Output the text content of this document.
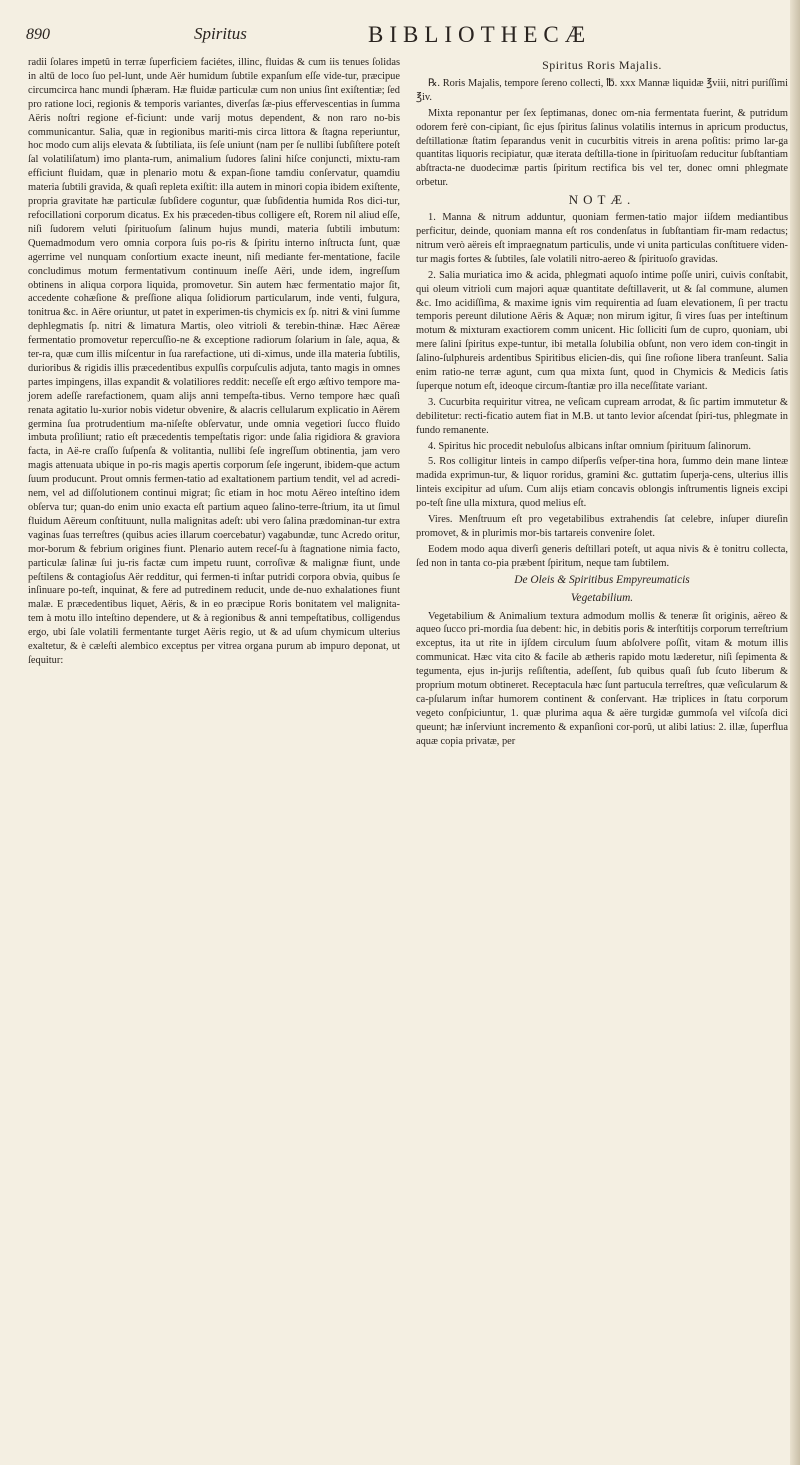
890	Spiritus	BIBLIOTHECÆ

radii ſolares impetû in terræ ſuperficiem faciétes, illinc, fluidas & cum iis tenues ſolidas in altū de loco ſuo pel-lunt, unde Aër humidum ſubtile expanſum eſſe vide-tur, præcipue circumcirca hanc mundi ſphæram. Hæ fluidæ particulæ cum non unius ſint exiſtentiæ; ſed pro ratione loci, regionis & temporis variantes, diverſas ſæ-pius effervescentias in ſumma Aëris noſtri regione ef-ficiunt: unde varij motus dependent, & non raro no-bis communicantur. Salia, quæ in regionibus mariti-mis circa littora & ſtagna reperiuntur, hoc modo cum alijs elevata & ſubtiliata, iis ſeſe uniunt (nam per ſe nullibi ſubſiſtere poteſt ſal volatiliſatum) imo planta-rum, animalium ſudores ſalini hiſce conjuncti, mixtu-ram efficiunt fluidam, quæ in plenario motu & expan-ſione tamdiu conſervatur, quamdiu materia ſubtili gravida, & quaſi repleta exiſtit: illa autem in minori copia ibidem exiſtente, propria gravitate hæ particulæ ſubſidere coguntur, quæ ſubſidentia humida Ros dici-tur, refocillationi corporum dicatus. Ex his præceden-tibus colligere eſt, Rorem nil aliud eſſe, niſi ſudorem veluti ſpirituoſum ſalinum hujus mundi, materia ſubtili imbutum: Quemadmodum vero omnia corpora ſuis po-ris & ſpiritu interno inſtructa ſunt, quæ agerrime vel nunquam conſortium exacte ineunt, niſi mediante fer-mentatione, facile concludimus motum fermentativum continuum ineſſe Aëri, unde idem, ingreſſum obtinens in aliqua corpora liquida, promovetur. Sin autem hæc fermentatio major ſit, accedente cohæſione & preſſione aliqua ſolidiorum particularum, inde venti, fulgura, tonitrua &c. in Aëre oriuntur, ut patet in experimen-tis chymicis ex ſp. nitri & vini ſumme dephlegmatis ſp. nitri & limatura Martis, oleo vitrioli & terebin-thinæ. Hæc Aëreæ fermentatio promovetur repercuſſio-ne & exceptione radiorum ſolarium in ſale, aqua, & ter-ra, quæ cum illis miſcentur in ſua rarefactione, uti di-ximus, unde illa materia ſubtilis, durioribus & rigidis illis præcedentibus expulſis corpuſculis adjuta, tanto magis in omnes partes impingens, illas expandit & volatiliores reddit: neceſſe eſt ergo æſtivo tempore ma-jorem adeſſe rarefactionem, quam alijs anni tempeſta-tibus. Verno tempore hæc quaſi renata agitatio lu-xurior nobis videtur obvenire, & alacris cellularum explicatio in Aërem germina ſua protrudentium ma-niſeſte obſervatur, unde omnia vegetiori ſucco fluido imbuta proſiliunt; ratio eſt præcedentis tempeſtatis rigor: unde ſalia rigidiora & graviora facta, in Aë-re craſſo ſuſpenſa & volitantia, nullibi ſeſe ingreſſum obtinentia, jam vero magis attenuata ubique in po-ris magis apertis corporum ſeſe ingerunt, ibidem-que actum ſuum producunt. Prout omnis fermen-tatio ad exaltationem partium tendit, vel ad acredi-nem, vel ad diſſolutionem continui migrat; ſic etiam in hoc motu Aëreo inteſtino idem obſerva tur; quan-do enim unio exacta eſt partium aqueo ſalino-terre-ſtrium, ita ut ſimul fluidum Aëreum conſtituunt, nulla malignitas adeſt: ubi vero ſalina prædominan-tur extra vaginas ſuas terreſtres (quibus acies illarum coercebatur) vagabundæ, tunc Acredo oritur, mor-borum & febrium origines fiunt. Plenario autem receſ-ſu à ſtagnatione nimia facto, particulæ ſalinæ ſui ju-ris factæ cum impetu ruunt, corroſivæ & malignæ fiunt, unde peſtilens & contagioſus Aër redditur, qui fermen-ti inſtar putridi corpora obvia, quibus ſe inſinuare po-teſt, inquinat, & fere ad putredinem reducit, unde de-nuo exhalationes fiunt malæ. E præcedentibus liquet, Aëris, & in eo præcipue Roris bonitatem vel malignita-tem à motu illo inteſtino dependere, ut & à regionibus & anni tempeſtatibus, colligendus ergo, ubi ſale volatili fermentante turget Aëris regio, ut & ad uſum chymicum ulterius exaltetur, & è cæleſti alembico exceptus per vitrea organa purum ab impuro deponat, ut ſequitur:

Spiritus Roris Majalis.

℞. Roris Majalis, tempore ſereno collecti, ℔. xxx Mannæ liquidæ ℥viii, nitri puriſſimi ℥iv.

Mixta reponantur per ſex ſeptimanas, donec om-nia fermentata fuerint, & putridum odorem ferè con-cipiant, ſic ejus ſpiritus ſalinus volatilis internus in apricum productus, deſtillationæ ſtatim ſeparandus venit in cucurbitis vitreis in arena poſitis: primo lar-ga quantitas liquoris recipiatur, quæ iterata deſtilla-tione in ſpirituoſam reducitur ſubſtantiam abſtracta-ne duodecimæ partis ſpiritum rectifica bis vel ter, donec omni phlegmate orbetur.

NOTÆ.

1. Manna & nitrum adduntur, quoniam fermen-tatio major iiſdem mediantibus perficitur, deinde, quoniam manna eſt ros condenſatus in ſubſtantiam fir-mam redactus; nitrum verò aëreis eſt impraegnatum particulis, unde vi unita particulas conſtituere viden-tur magis fortes & ſubtiles, ſale volatili nitro-aereo & ſpirituoſo gravidas.

2. Salia muriatica imo & acida, phlegmati aquoſo intime poſſe uniri, cuivis conſtabit, qui oleum vitrioli cum majori aquæ quantitate deſtillaverit, ut & ſal commune, alumen &c. Imo acidiſſima, & maxime ignis vim requirentia ad ſuam elevationem, ſi per tractu temporis pereunt dilutione Aëris & Aquæ; non mirum igitur, ſi vires ſuas per inteſtinum motum & mixturam exactiorem comm unicent. Hic ſolliciti ſum de cupro, quoniam, ubi mere ſalini ſpiritus expe-tuntur, ibi metalla ſolubilia obſunt, non vero idem con-tingit in ſalino-ſulphureis ardentibus Spiritibus elicien-dis, qui ſine roſione libera tranſeunt. Salia enim ratio-ne terræ agunt, cum qua mixta ſunt, quod in Chymicis & Medicis ſatis ſuperque notum eſt, ideoque circum-ſtantiæ pro illa neceſſitate variant.

3. Cucurbita requiritur vitrea, ne veſicam cupream arrodat, & ſic partim immutetur & debilitetur: recti-ficatio autem fiat in M.B. ut tanto levior aſcendat ſpiri-tus, phlegmate in fundo remanente.

4. Spiritus hic procedit nebuloſus albicans inſtar omnium ſpirituum ſalinorum.

5. Ros colligitur linteis in campo diſperſis veſper-tina hora, ſummo dein mane linteæ madida exprimun-tur, & liquor roridus, gramini &c. guttatim ſuperja-cens, ulterius illis linteis excipitur ad uſum. Cum alijs etiam concavis oblongis inſtrumentis ligneis excipi po-teſt ſine ulla mixtura, quod melius eſt.

Vires. Menſtruum eſt pro vegetabilibus extrahendis ſat celebre, inſuper diureſin promovet, & in plurimis mor-bis tartareis convenire ſolet.

Eodem modo aqua diverſi generis deſtillari poteſt, ut aqua nivis & è tonitru collecta, ſed non in tanta co-pia præbent ſpiritum, neque tam ſubtilem.

De Oleis & Spiritibus Empyreumaticis
Vegetabilium.

Vegetabilium & Animalium textura admodum mollis & teneræ ſit originis, aëreo & aqueo ſucco pri-mordia ſua debent: hic, in debitis poris & interſtitijs corporum terreſtrium exceptus, ita ut rite in ijſdem circulum ſuum abſolvere poſſit, vitam & motum illis communicat. Hæc vita cito & facile ab ætheris rapido motu læderetur, niſi ſepimenta & tegumenta, ejus in-jurijs reſiſtentia, adeſſent, ſub quibus quaſi ſub ſcuto liberum & proprium motum obtineret. Receptacula hæc ſunt partucula terreſtres, quæ veſicularum & ca-pſularum inſtar humorem continent & conſervant. Hæ triplices in ſtatu corporum vegeto conſpiciuntur, 1. quæ plurima aqua & aëre turgidæ gummoſa vel viſcoſa dici queunt; hæ inſerviunt incremento & expanſioni cor-porû, ut alibi latius: 2. illæ, ſuperflua aquæ copia privatæ, per
